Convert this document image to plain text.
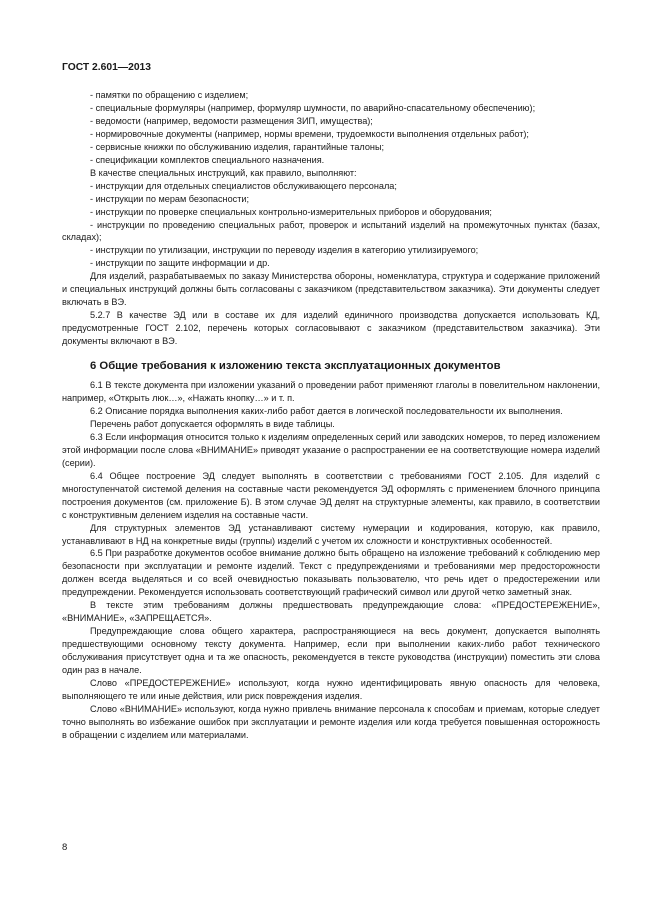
ГОСТ 2.601—2013

- памятки по обращению с изделием;

- специальные формуляры (например, формуляр шумности, по аварийно-спасательному обеспечению);

- ведомости (например, ведомости размещения ЗИП, имущества);

- нормировочные документы (например, нормы времени, трудоемкости выполнения отдельных работ);

- сервисные книжки по обслуживанию изделия, гарантийные талоны;

- спецификации комплектов специального назначения.

В качестве специальных инструкций, как правило, выполняют:

- инструкции для отдельных специалистов обслуживающего персонала;

- инструкции по мерам безопасности;

- инструкции по проверке специальных контрольно-измерительных приборов и оборудования;

- инструкции по проведению специальных работ, проверок и испытаний изделий на промежуточных пунктах (базах, складах);

- инструкции по утилизации, инструкции по переводу изделия в категорию утилизируемого;

- инструкции по защите информации и др.

Для изделий, разрабатываемых по заказу Министерства обороны, номенклатура, структура и содержание приложений и специальных инструкций должны быть согласованы с заказчиком (представительством заказчика). Эти документы следует включать в ВЭ.

5.2.7 В качестве ЭД или в составе их для изделий единичного производства допускается использовать КД, предусмотренные ГОСТ 2.102, перечень которых согласовывают с заказчиком (представительством заказчика). Эти документы включают в ВЭ.

6 Общие требования к изложению текста эксплуатационных документов

6.1 В тексте документа при изложении указаний о проведении работ применяют глаголы в повелительном наклонении, например, «Открыть люк…», «Нажать кнопку…» и т. п.

6.2 Описание порядка выполнения каких-либо работ дается в логической последовательности их выполнения.

Перечень работ допускается оформлять в виде таблицы.

6.3 Если информация относится только к изделиям определенных серий или заводских номеров, то перед изложением этой информации после слова «ВНИМАНИЕ» приводят указание о распространении ее на соответствующие номера изделий (серии).

6.4 Общее построение ЭД следует выполнять в соответствии с требованиями ГОСТ 2.105. Для изделий с многоступенчатой системой деления на составные части рекомендуется ЭД оформлять с применением блочного принципа построения документов (см. приложение Б). В этом случае ЭД делят на структурные элементы, как правило, в соответствии с конструктивным делением изделия на составные части.

Для структурных элементов ЭД устанавливают систему нумерации и кодирования, которую, как правило, устанавливают в НД на конкретные виды (группы) изделий с учетом их сложности и конструктивных особенностей.

6.5 При разработке документов особое внимание должно быть обращено на изложение требований к соблюдению мер безопасности при эксплуатации и ремонте изделий. Текст с предупреждениями и требованиями мер предосторожности должен всегда выделяться и со всей очевидностью показывать пользователю, что речь идет о предостережении или предупреждении. Рекомендуется использовать соответствующий графический символ или другой четко заметный знак.

В тексте этим требованиям должны предшествовать предупреждающие слова: «ПРЕДОСТЕРЕЖЕНИЕ», «ВНИМАНИЕ», «ЗАПРЕЩАЕТСЯ».

Предупреждающие слова общего характера, распространяющиеся на весь документ, допускается выполнять предшествующими основному тексту документа. Например, если при выполнении каких-либо работ технического обслуживания присутствует одна и та же опасность, рекомендуется в тексте руководства (инструкции) поместить эти слова один раз в начале.

Слово «ПРЕДОСТЕРЕЖЕНИЕ» используют, когда нужно идентифицировать явную опасность для человека, выполняющего те или иные действия, или риск повреждения изделия.

Слово «ВНИМАНИЕ» используют, когда нужно привлечь внимание персонала к способам и приемам, которые следует точно выполнять во избежание ошибок при эксплуатации и ремонте изделия или когда требуется повышенная осторожность в обращении с изделием или материалами.

8
